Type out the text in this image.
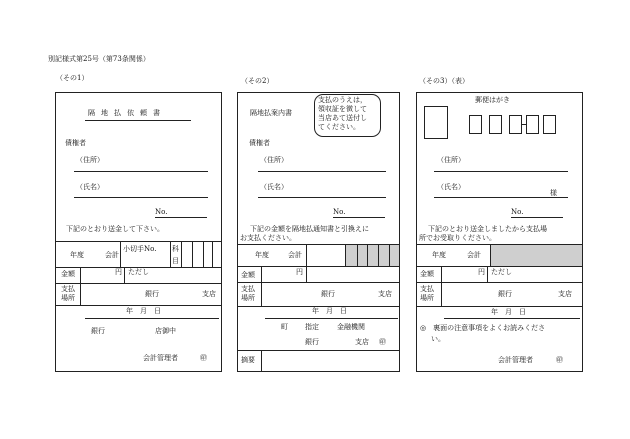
別記様式第25号（第73条関係）
（その1）
隔地払依頼書
債権者
（住所）
（氏名）
No.
下記のとおり送金して下さい。
年度	会計
小切手No. 科
目
金額	円 ただし
支払
場所	銀行	支店
年　月　日
銀行	店御中
会計管理者	㊞
（その2）
隔地払案内書
支払のうえは，
領収証を徴して
当店あて送付し
てください。
債権者
（住所）
（氏名）
No.
下記の金額を隔地払通知書と引換えに
お支払ください。
年度	会計
金額	円
支払
場所	銀行	支店
年　月　日
町 指定	金融機関
銀行	支店 ㊞
摘要
（その3）（表）
郵便はがき
（住所）
（氏名）
様
No.
下記のとおり送金しましたから支払場
所でお受取りください。
年度	会計
金額	円 ただし
支払
場所	銀行	支店
年　月　日
◎　裏面の注意事項をよくお読みくださ
い。
会計管理者	㊞
